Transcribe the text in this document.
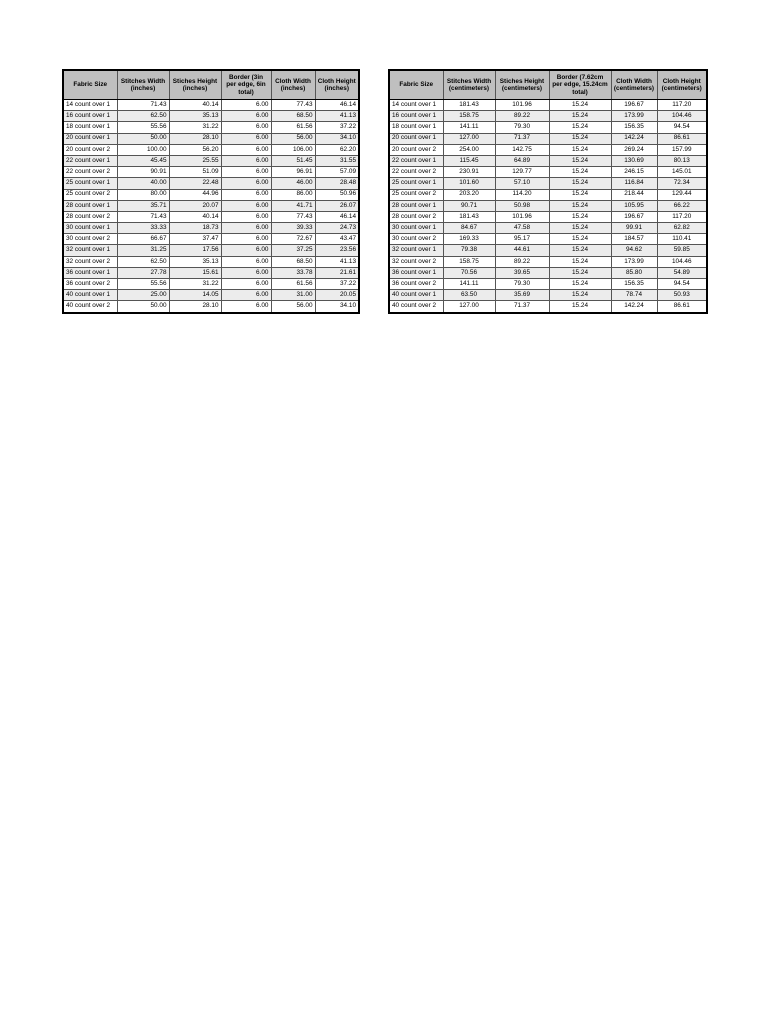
Fabric Size	Stitches Width (inches)	Stiches Height (inches)	Border (3in per edge, 6in total)	Cloth Width (inches)	Cloth Height (inches)
14 count over 1	71.43	40.14	6.00	77.43	46.14
16 count over 1	62.50	35.13	6.00	68.50	41.13
18 count over 1	55.56	31.22	6.00	61.56	37.22
20 count over 1	50.00	28.10	6.00	56.00	34.10
20 count over 2	100.00	56.20	6.00	106.00	62.20
22 count over 1	45.45	25.55	6.00	51.45	31.55
22 count over 2	90.91	51.09	6.00	96.91	57.09
25 count over 1	40.00	22.48	6.00	46.00	28.48
25 count over 2	80.00	44.96	6.00	86.00	50.96
28 count over 1	35.71	20.07	6.00	41.71	26.07
28 count over 2	71.43	40.14	6.00	77.43	46.14
30 count over 1	33.33	18.73	6.00	39.33	24.73
30 count over 2	66.67	37.47	6.00	72.67	43.47
32 count over 1	31.25	17.56	6.00	37.25	23.56
32 count over 2	62.50	35.13	6.00	68.50	41.13
36 count over 1	27.78	15.61	6.00	33.78	21.61
36 count over 2	55.56	31.22	6.00	61.56	37.22
40 count over 1	25.00	14.05	6.00	31.00	20.05
40 count over 2	50.00	28.10	6.00	56.00	34.10
Fabric Size	Stitches Width (centimeters)	Stiches Height (centimeters)	Border (7.62cm per edge, 15.24cm total)	Cloth Width (centimeters)	Cloth Height (centimeters)
14 count over 1	181.43	101.96	15.24	196.67	117.20
16 count over 1	158.75	89.22	15.24	173.99	104.46
18 count over 1	141.11	79.30	15.24	156.35	94.54
20 count over 1	127.00	71.37	15.24	142.24	86.61
20 count over 2	254.00	142.75	15.24	269.24	157.99
22 count over 1	115.45	64.89	15.24	130.69	80.13
22 count over 2	230.91	129.77	15.24	246.15	145.01
25 count over 1	101.60	57.10	15.24	116.84	72.34
25 count over 2	203.20	114.20	15.24	218.44	129.44
28 count over 1	90.71	50.98	15.24	105.95	66.22
28 count over 2	181.43	101.96	15.24	196.67	117.20
30 count over 1	84.67	47.58	15.24	99.91	62.82
30 count over 2	169.33	95.17	15.24	184.57	110.41
32 count over 1	79.38	44.61	15.24	94.62	59.85
32 count over 2	158.75	89.22	15.24	173.99	104.46
36 count over 1	70.56	39.65	15.24	85.80	54.89
36 count over 2	141.11	79.30	15.24	156.35	94.54
40 count over 1	63.50	35.69	15.24	78.74	50.93
40 count over 2	127.00	71.37	15.24	142.24	86.61
